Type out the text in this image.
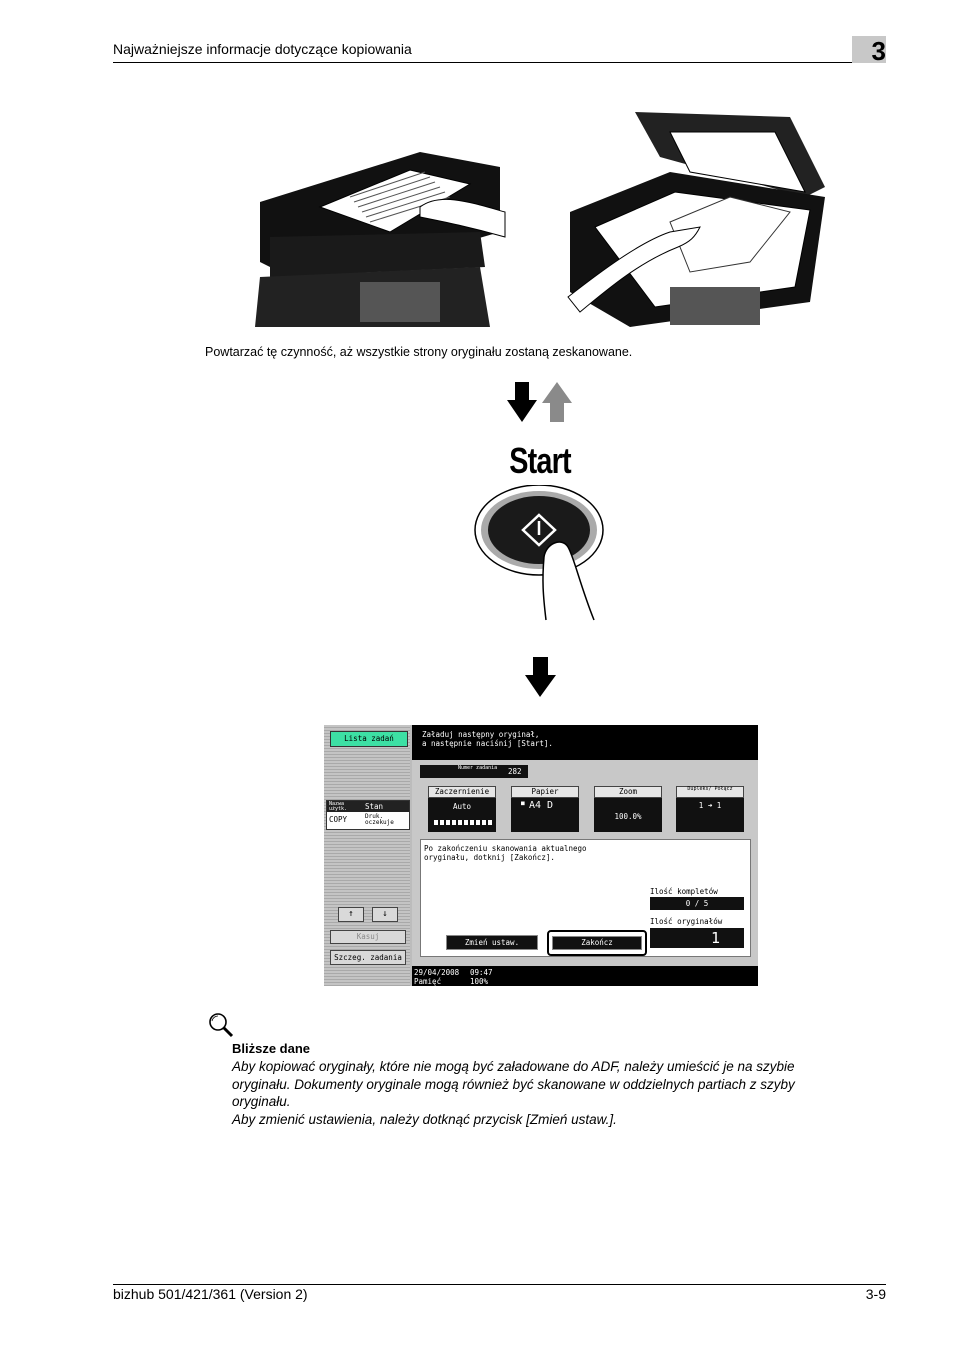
Najważniejsze informacje dotyczące kopiowania	3
Powtarzać tę czynność, aż wszystkie strony oryginału zostaną zeskanowane.
Start
Lista zadań
Nazwa użytk.	Stan
COPY	Druk. oczekuje
↑	↓
Kasuj
Szczeg. zadania
Załaduj następny oryginał,
a następnie naciśnij [Start].
Numer zadania 282
Zaczernienie
Auto
Papier
■ A4 D
Zoom
100.0%
Dupleks/ Połącz
1 ➜ 1
Po zakończeniu skanowania aktualnego
oryginału, dotknij [Zakończ].
Ilość kompletów
0 / 5
Ilość oryginałów
1
Zmień ustaw.	Zakończ
29/04/2008 09:47
Pamięć	100%
Bliższe dane

Aby kopiować oryginały, które nie mogą być załadowane do ADF, należy umieścić je na szybie oryginału. Dokumenty oryginale mogą również być skanowane w oddzielnych partiach z szyby oryginału.

Aby zmienić ustawienia, należy dotknąć przycisk [Zmień ustaw.].

bizhub 501/421/361 (Version 2)	3-9
